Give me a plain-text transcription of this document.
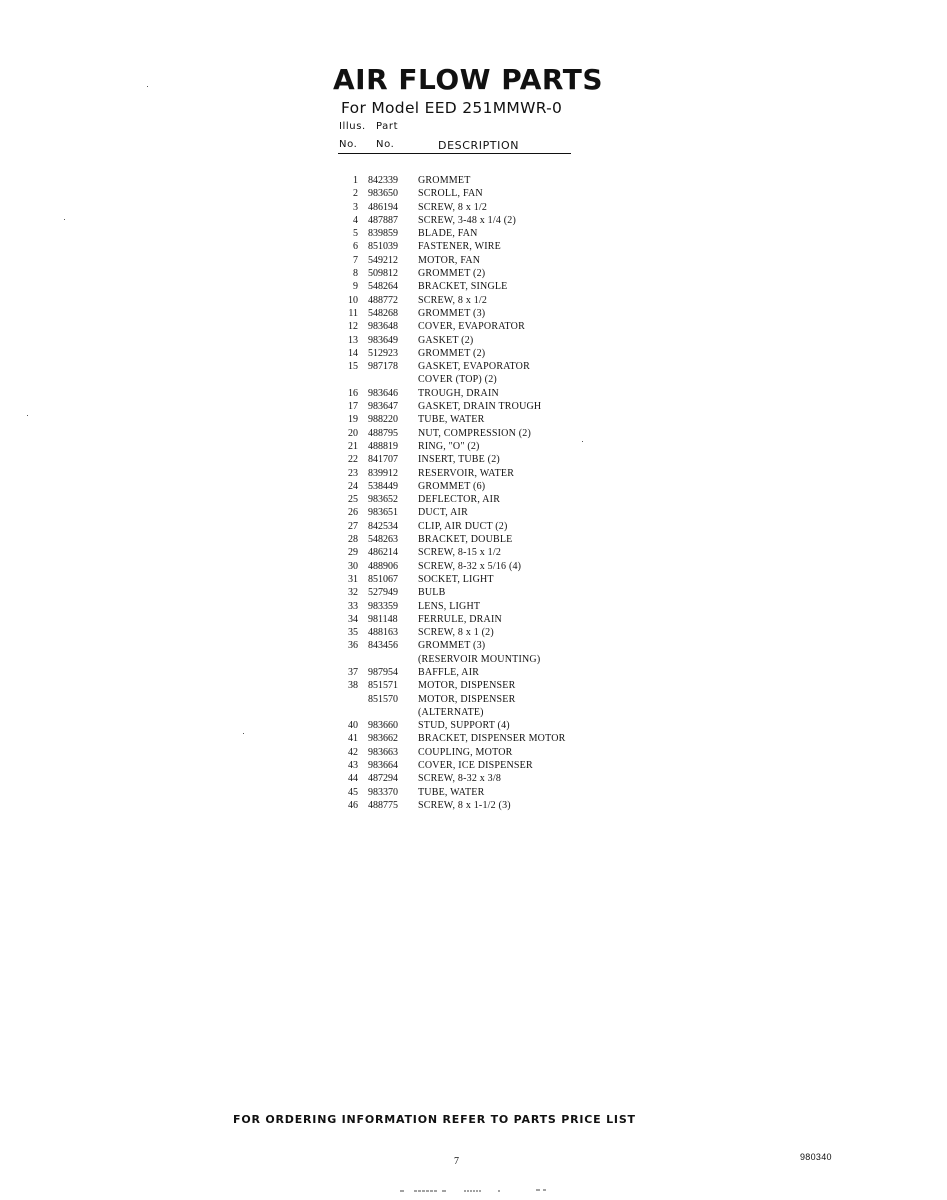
AIR FLOW PARTS
For Model EED 251MMWR-0
Illus. Part
No. No.	DESCRIPTION
1 842339 GROMMET
2 983650 SCROLL, FAN
3 486194 SCREW, 8 x 1/2
4 487887 SCREW, 3-48 x 1/4 (2)
5 839859 BLADE, FAN
6 851039 FASTENER, WIRE
7 549212 MOTOR, FAN
8 509812 GROMMET (2)
9 548264 BRACKET, SINGLE
10 488772 SCREW, 8 x 1/2
11 548268 GROMMET (3)
12 983648 COVER, EVAPORATOR
13 983649 GASKET (2)
14 512923 GROMMET (2)
15 987178 GASKET, EVAPORATOR
COVER (TOP) (2)
16 983646 TROUGH, DRAIN
17 983647 GASKET, DRAIN TROUGH
19 988220 TUBE, WATER
20 488795 NUT, COMPRESSION (2)
21 488819 RING, "O" (2)
22 841707 INSERT, TUBE (2)
23 839912 RESERVOIR, WATER
24 538449 GROMMET (6)
25 983652 DEFLECTOR, AIR
26 983651 DUCT, AIR
27 842534 CLIP, AIR DUCT (2)
28 548263 BRACKET, DOUBLE
29 486214 SCREW, 8-15 x 1/2
30 488906 SCREW, 8-32 x 5/16 (4)
31 851067 SOCKET, LIGHT
32 527949 BULB
33 983359 LENS, LIGHT
34 981148 FERRULE, DRAIN
35 488163 SCREW, 8 x 1 (2)
36 843456 GROMMET (3)
(RESERVOIR MOUNTING)
37 987954 BAFFLE, AIR
38 851571 MOTOR, DISPENSER
851570 MOTOR, DISPENSER
(ALTERNATE)
40 983660 STUD, SUPPORT (4)
41 983662 BRACKET, DISPENSER MOTOR
42 983663 COUPLING, MOTOR
43 983664 COVER, ICE DISPENSER
44 487294 SCREW, 8-32 x 3/8
45 983370 TUBE, WATER
46 488775 SCREW, 8 x 1-1/2 (3)
FOR ORDERING INFORMATION REFER TO PARTS PRICE LIST
7	980340
